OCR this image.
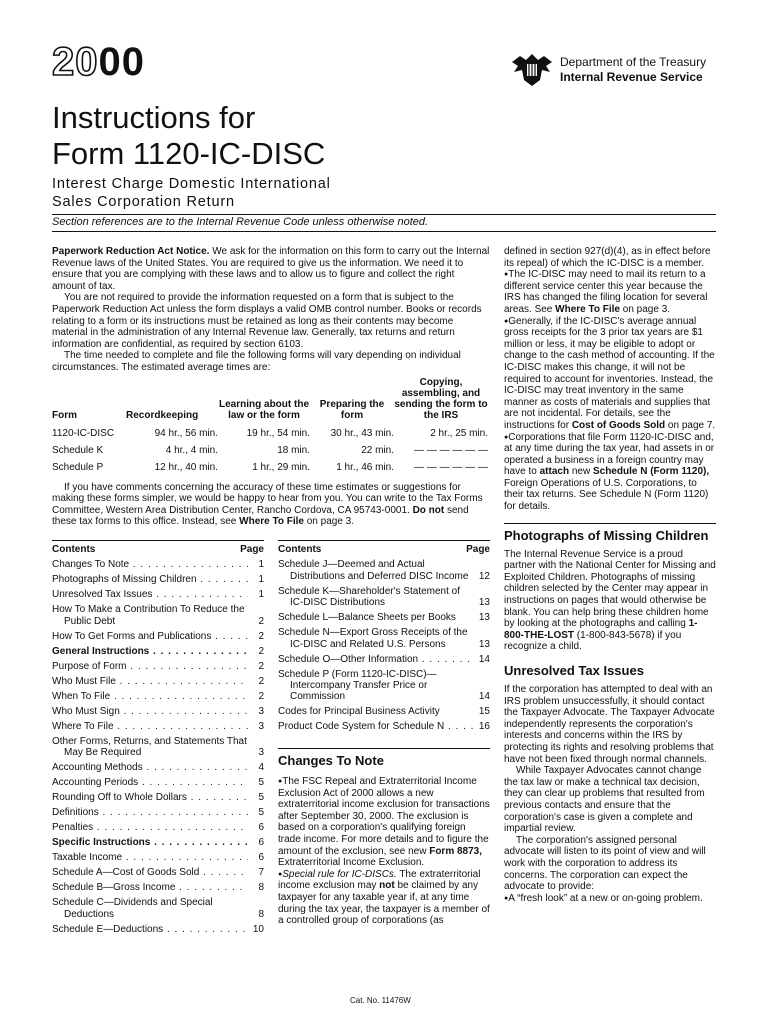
2000	Department of the Treasury
Internal Revenue Service
Instructions for
Form 1120-IC-DISC
Interest Charge Domestic International
Sales Corporation Return
Section references are to the Internal Revenue Code unless otherwise noted.

Paperwork Reduction Act Notice. We ask for the information on this form to carry out the Internal Revenue laws of the United States. You are required to give us the information. We need it to ensure that you are complying with these laws and to allow us to figure and collect the right amount of tax.

You are not required to provide the information requested on a form that is subject to the Paperwork Reduction Act unless the form displays a valid OMB control number. Books or records relating to a form or its instructions must be retained as long as their contents may become material in the administration of any Internal Revenue law. Generally, tax returns and return information are confidential, as required by section 6103.

The time needed to complete and file the following forms will vary depending on individual circumstances. The estimated average times are:

Form	Recordkeeping	Learning about the law or the form	Preparing the form	Copying, assembling, and sending the form to the IRS
1120-IC-DISC	94 hr., 56 min.	19 hr., 54 min.	30 hr., 43 min.	2 hr., 25 min.
Schedule K	4 hr., 4 min.	18 min.	22 min.	— — — — — —
Schedule P	12 hr., 40 min.	1 hr., 29 min.	1 hr., 46 min.	— — — — — —

If you have comments concerning the accuracy of these time estimates or suggestions for making these forms simpler, we would be happy to hear from you. You can write to the Tax Forms Committee, Western Area Distribution Center, Rancho Cordova, CA 95743-0001. Do not send these tax forms to this office. Instead, see Where To File on page 3.

Contents	Page
Changes To Note . . .	1
Photographs of Missing Children . . .	1
Unresolved Tax Issues . . .	1
How To Make a Contribution To Reduce the Public Debt	2
How To Get Forms and Publications . . .	2
General Instructions . . .	2
Purpose of Form . . .	2
Who Must File . . .	2
When To File . . .	2
Who Must Sign . . .	3
Where To File . . .	3
Other Forms, Returns, and Statements That May Be Required	3
Accounting Methods . . .	4
Accounting Periods . . .	5
Rounding Off to Whole Dollars . . .	5
Definitions . . .	5
Penalties . . .	6
Specific Instructions . . .	6
Taxable Income . . .	6
Schedule A—Cost of Goods Sold . . .	7
Schedule B—Gross Income . . .	8
Schedule C—Dividends and Special Deductions	8
Schedule E—Deductions . . .	10
Contents	Page
Schedule J—Deemed and Actual Distributions and Deferred DISC Income	12
Schedule K—Shareholder's Statement of IC-DISC Distributions	13
Schedule L—Balance Sheets per Books	13
Schedule N—Export Gross Receipts of the IC-DISC and Related U.S. Persons	13
Schedule O—Other Information . . .	14
Schedule P (Form 1120-IC-DISC)—Intercompany Transfer Price or Commission	14
Codes for Principal Business Activity	15
Product Code System for Schedule N . . .	16
Changes To Note

● The FSC Repeal and Extraterritorial Income Exclusion Act of 2000 allows a new extraterritorial income exclusion for transactions after September 30, 2000. The exclusion is based on a corporation's qualifying foreign trade income. For more details and to figure the amount of the exclusion, see new Form 8873, Extraterritorial Income Exclusion.

● Special rule for IC-DISCs. The extraterritorial income exclusion may not be claimed by any taxpayer for any taxable year if, at any time during the tax year, the taxpayer is a member of a controlled group of corporations (as

defined in section 927(d)(4), as in effect before its repeal) of which the IC-DISC is a member.

● The IC-DISC may need to mail its return to a different service center this year because the IRS has changed the filing location for several areas. See Where To File on page 3.

● Generally, if the IC-DISC's average annual gross receipts for the 3 prior tax years are $1 million or less, it may be eligible to adopt or change to the cash method of accounting. If the IC-DISC makes this change, it will not be required to account for inventories. Instead, the IC-DISC may treat inventory in the same manner as costs of materials and supplies that are not incidental. For details, see the instructions for Cost of Goods Sold on page 7.

● Corporations that file Form 1120-IC-DISC and, at any time during the tax year, had assets in or operated a business in a foreign country may have to attach new Schedule N (Form 1120), Foreign Operations of U.S. Corporations, to their tax returns. See Schedule N (Form 1120) for details.

Photographs of Missing Children

The Internal Revenue Service is a proud partner with the National Center for Missing and Exploited Children. Photographs of missing children selected by the Center may appear in instructions on pages that would otherwise be blank. You can help bring these children home by looking at the photographs and calling 1-800-THE-LOST (1-800-843-5678) if you recognize a child.

Unresolved Tax Issues

If the corporation has attempted to deal with an IRS problem unsuccessfully, it should contact the Taxpayer Advocate. The Taxpayer Advocate independently represents the corporation's interests and concerns within the IRS by protecting its rights and resolving problems that have not been fixed through normal channels.

While Taxpayer Advocates cannot change the tax law or make a technical tax decision, they can clear up problems that resulted from previous contacts and ensure that the corporation's case is given a complete and impartial review.

The corporation's assigned personal advocate will listen to its point of view and will work with the corporation to address its concerns. The corporation can expect the advocate to provide:

● A “fresh look” at a new or on-going problem.

Cat. No. 11476W
